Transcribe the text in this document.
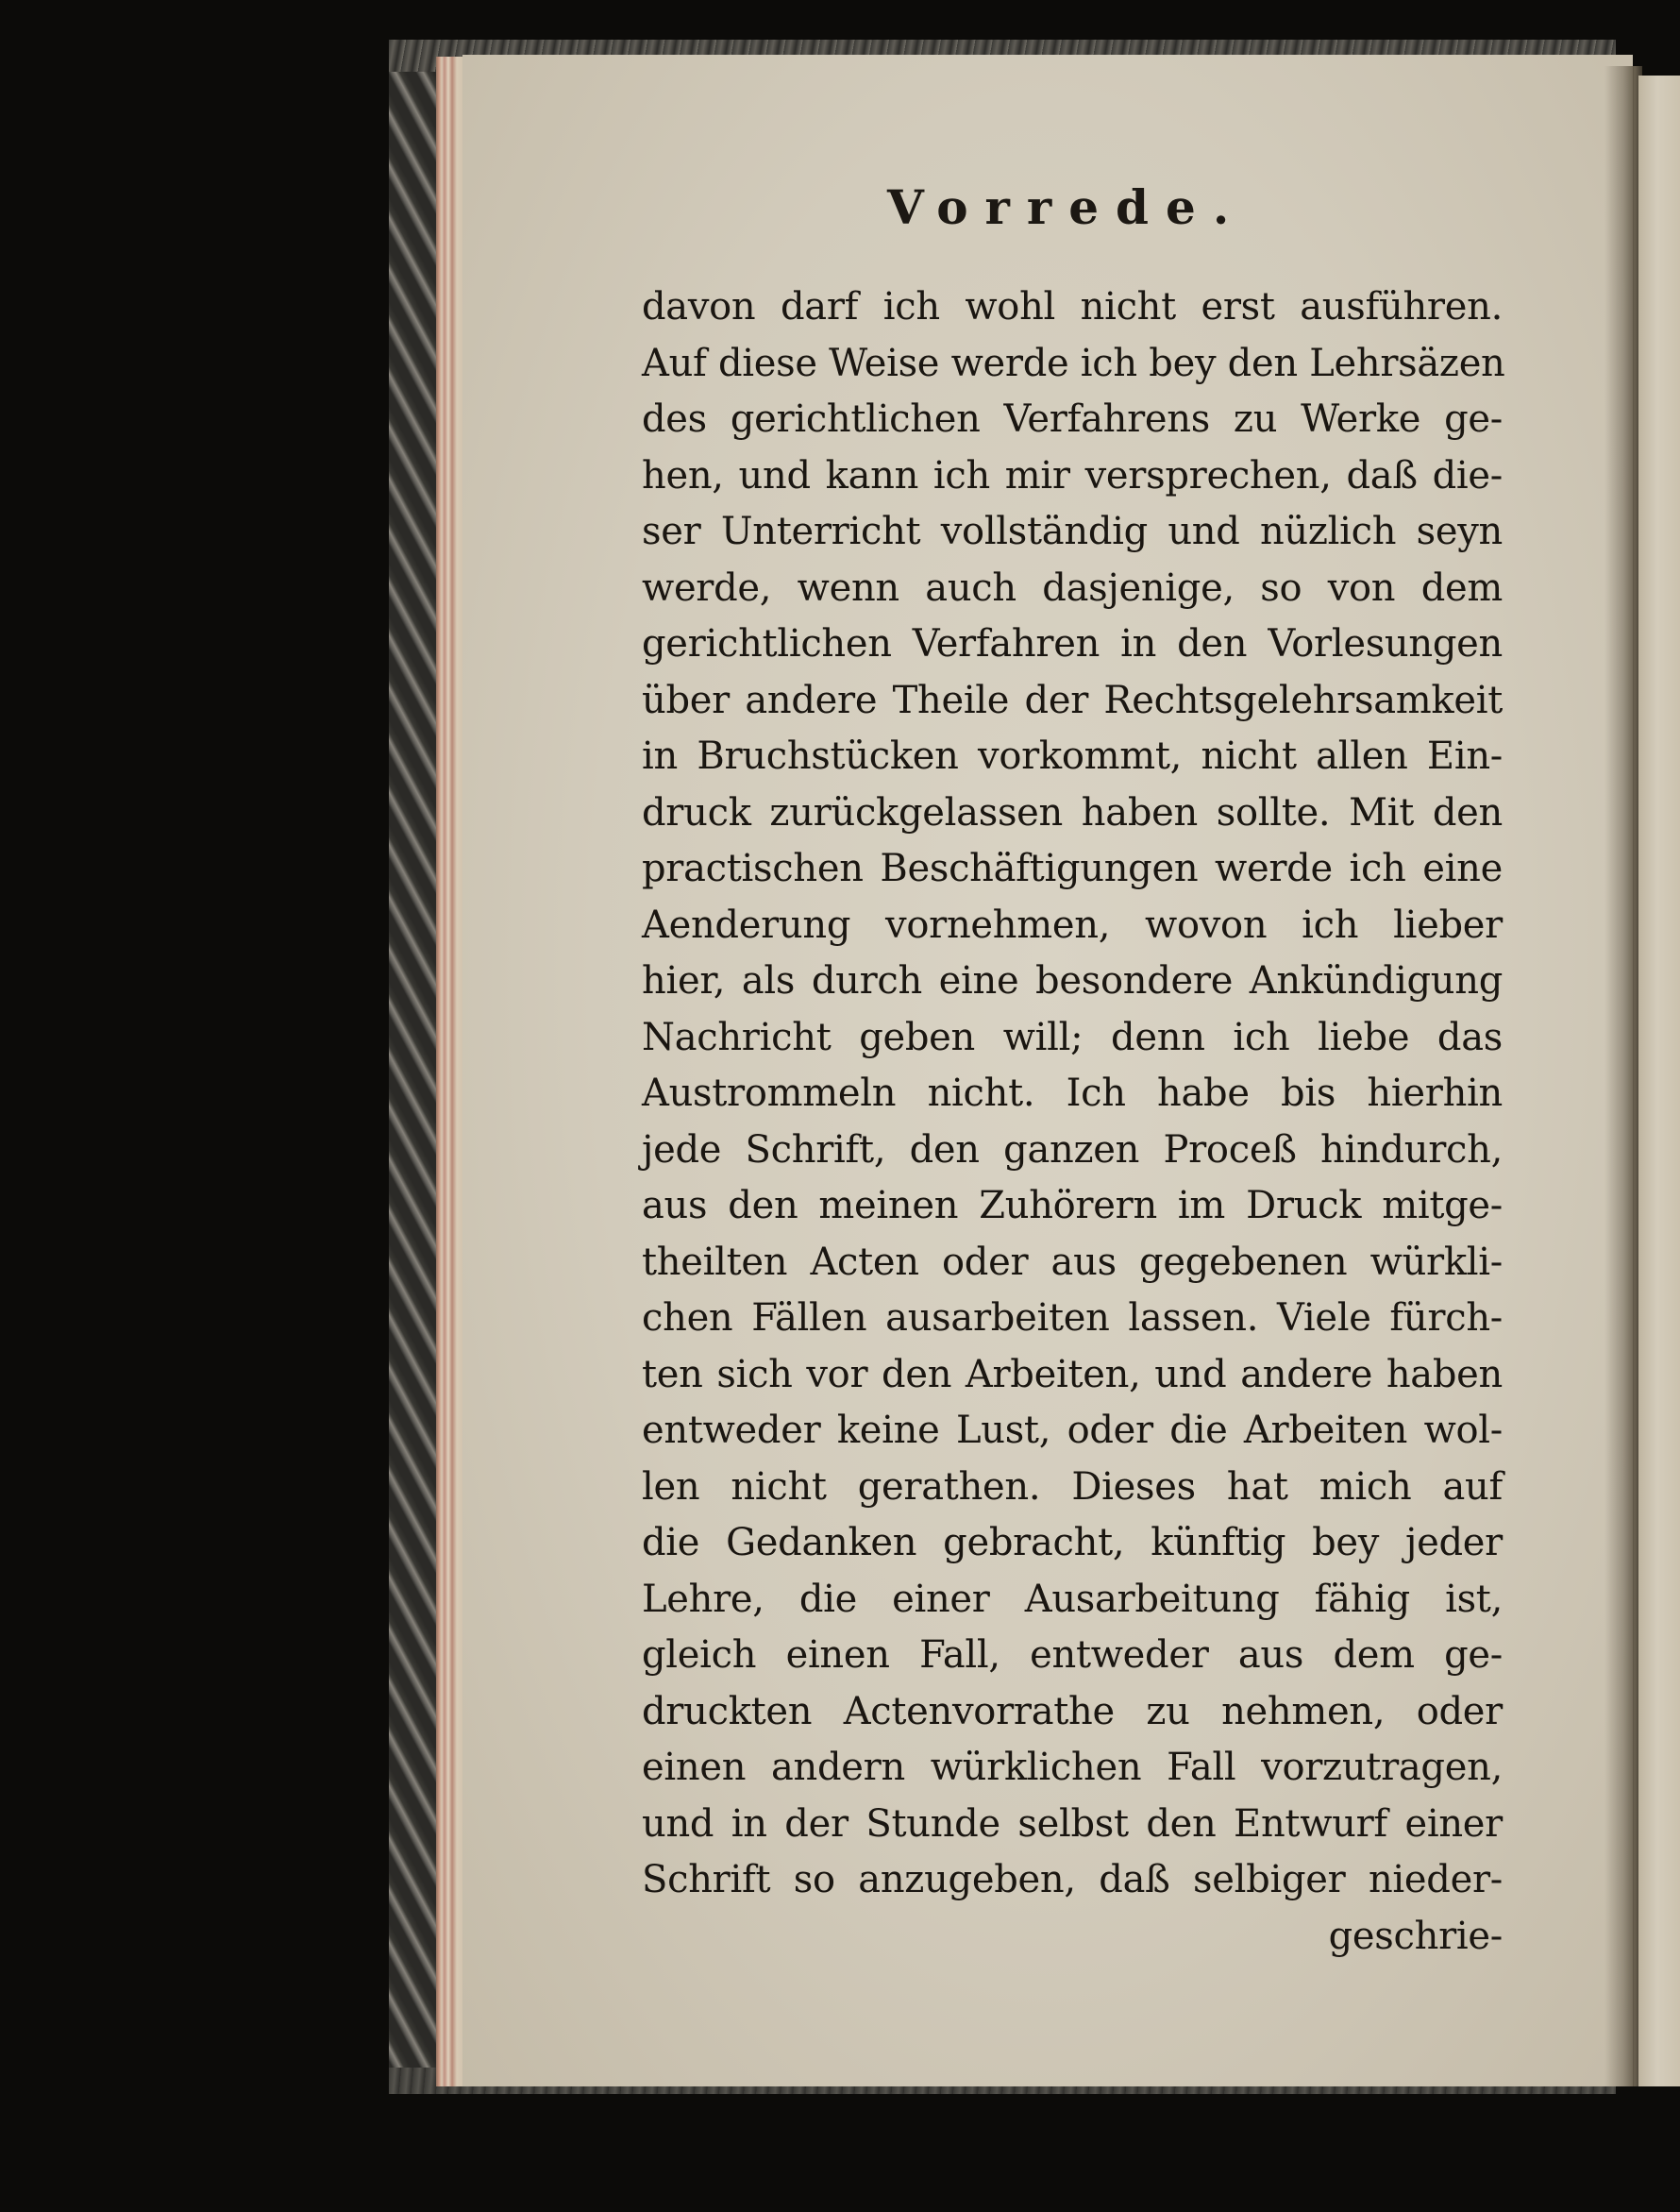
Vorrede.
davon darf ich wohl nicht erst ausführen.
Auf diese Weise werde ich bey den Lehrsäzen
des gerichtlichen Verfahrens zu Werke ge-
hen, und kann ich mir versprechen, daß die-
ser Unterricht vollständig und nüzlich seyn
werde, wenn auch dasjenige, so von dem
gerichtlichen Verfahren in den Vorlesungen
über andere Theile der Rechtsgelehrsamkeit
in Bruchstücken vorkommt, nicht allen Ein-
druck zurückgelassen haben sollte. Mit den
practischen Beschäftigungen werde ich eine
Aenderung vornehmen, wovon ich lieber
hier, als durch eine besondere Ankündigung
Nachricht geben will; denn ich liebe das
Austrommeln nicht. Ich habe bis hierhin
jede Schrift, den ganzen Proceß hindurch,
aus den meinen Zuhörern im Druck mitge-
theilten Acten oder aus gegebenen würkli-
chen Fällen ausarbeiten lassen. Viele fürch-
ten sich vor den Arbeiten, und andere haben
entweder keine Lust, oder die Arbeiten wol-
len nicht gerathen. Dieses hat mich auf
die Gedanken gebracht, künftig bey jeder
Lehre, die einer Ausarbeitung fähig ist,
gleich einen Fall, entweder aus dem ge-
druckten Actenvorrathe zu nehmen, oder
einen andern würklichen Fall vorzutragen,
und in der Stunde selbst den Entwurf einer
Schrift so anzugeben, daß selbiger nieder-
geschrie-
